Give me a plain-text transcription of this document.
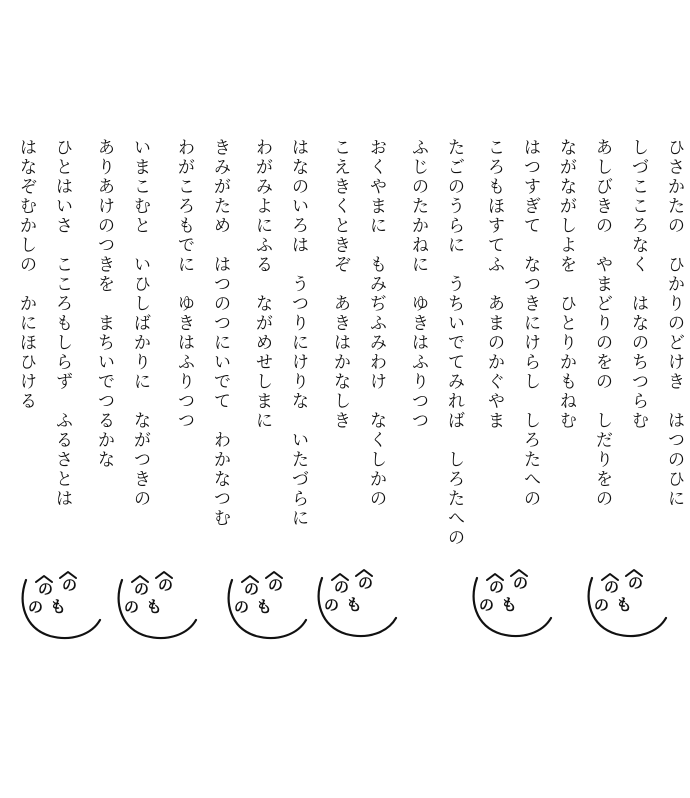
ひさかたの　ひかりのどけき　はつのひに
しづこころなく　はなのちつらむ
あしびきの　やまどりのをの　しだりをの
ながながしよを　ひとりかもねむ
はつすぎて　なつきにけらし　しろたへの
ころもほすてふ　あまのかぐやま
たごのうらに　うちいでてみれば　しろたへの
ふじのたかねに　ゆきはふりつつ
おくやまに　もみぢふみわけ　なくしかの
こえきくときぞ　あきはかなしき
はなのいろは　うつりにけりな　いたづらに
わがみよにふる　ながめせしまに
きみがため　はつのつにいでて　わかなつむ
わがころもでに　ゆきはふりつつ
いまこむと　いひしばかりに　ながつきの
ありあけのつきを　まちいでつるかな
ひとはいさ　こころもしらず　ふるさとは
はなぞむかしの　かにほひける
の の
の も
の の
の も
の の
の も
の の
の も
の の
の も
の の
の も
